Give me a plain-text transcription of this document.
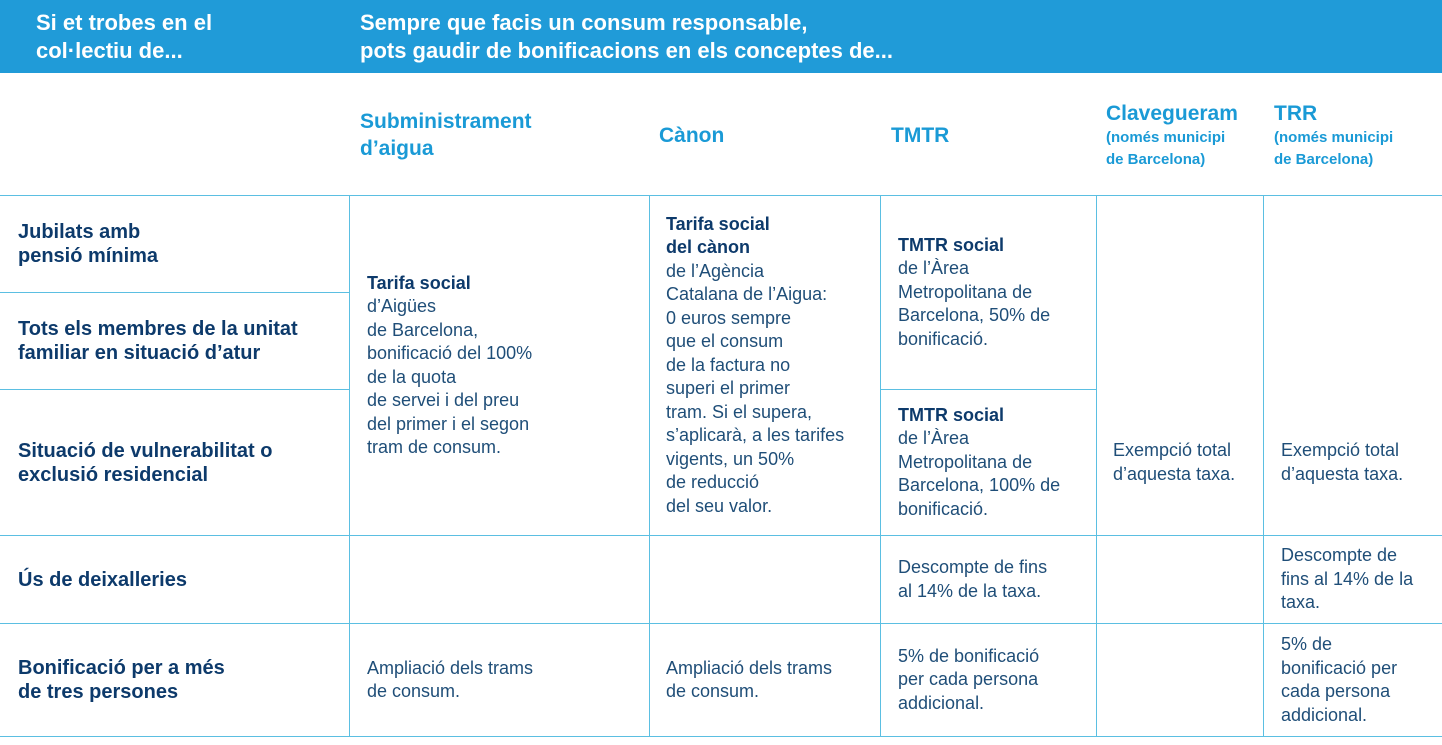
Si et trobes en el
col·lectiu de...
Sempre que facis un consum responsable,
pots gaudir de bonificacions en els conceptes de...
Subministrament
d’aigua
Cànon	TMTR
Clavegueram
(només municipi
de Barcelona)
TRR
(només municipi
de Barcelona)
Jubilats amb
pensió mínima
Tots els membres de la unitat
familiar en situació d’atur
Situació de vulnerabilitat o
exclusió residencial
Ús de deixalleries
Bonificació per a més
de tres persones
Tarifa social
d’Aigües
de Barcelona,
bonificació del 100%
de la quota
de servei i del preu
del primer i el segon
tram de consum.
Tarifa social
del cànon
de l’Agència
Catalana de l’Aigua:
0 euros sempre
que el consum
de la factura no
superi el primer
tram. Si el supera,
s’aplicarà, a les tarifes
vigents, un 50%
de reducció
del seu valor.
TMTR social
de l’Àrea
Metropolitana de
Barcelona, 50% de
bonificació.
TMTR social
de l’Àrea
Metropolitana de
Barcelona, 100% de
bonificació.
Exempció total
d’aquesta taxa.
Exempció total
d’aquesta taxa.
Descompte de fins
al 14% de la taxa.
Descompte de
fins al 14% de la
taxa.
Ampliació dels trams
de consum.
Ampliació dels trams
de consum.
5% de bonificació
per cada persona
addicional.
5% de
bonificació per
cada persona
addicional.
